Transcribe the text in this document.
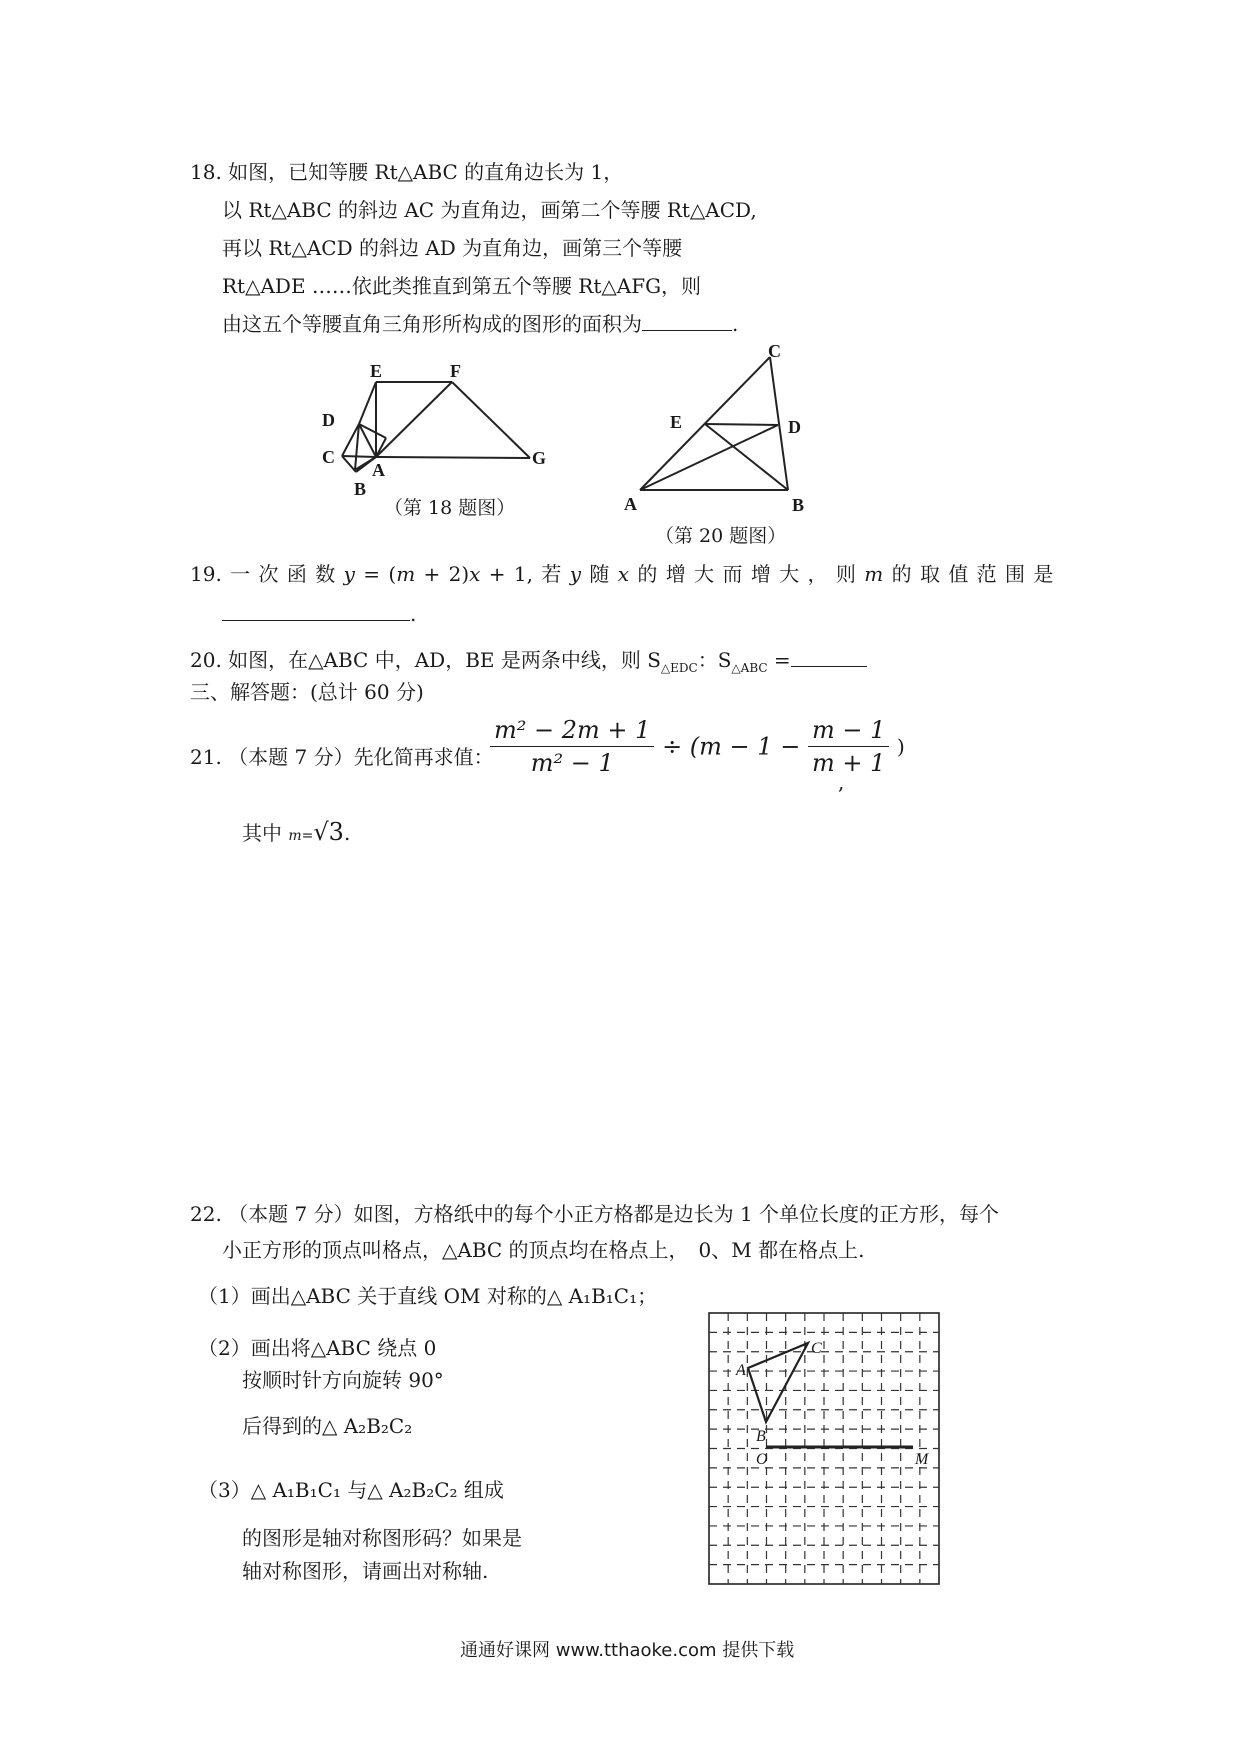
18. 如图，已知等腰 Rt△ABC 的直角边长为 1，
以 Rt△ABC 的斜边 AC 为直角边，画第二个等腰 Rt△ACD,
再以 Rt△ACD 的斜边 AD 为直角边，画第三个等腰
Rt△ADE ……依此类推直到第五个等腰 Rt△AFG，则
由这五个等腰直角三角形所构成的图形的面积为	.
E	F
D
C
A
G
B
（第 18 题图）
C
E	D
A	B
（第 20 题图）
19. 一 次 函 数 y = (m + 2)x + 1, 若 y 随 x 的 增 大 而 增 大 ， 则 m 的 取 值 范 围 是
.
20. 如图，在△ABC 中，AD，BE 是两条中线，则 $S_{\triangle EDC}$：$S_{\triangle ABC}$ =
三、解答题：(总计 60 分)
21. （本题 7 分）先化简再求值：
$\frac{\text{m² − 2m + 1}}{\text{m² − 1}} \div (m - 1 - \frac{m - 1}{m + 1}$ )
,
其中 m=√3.
22. （本题 7 分）如图，方格纸中的每个小正方格都是边长为 1 个单位长度的正方形，每个
小正方形的顶点叫格点，△ABC 的顶点均在格点上，　0、M 都在格点上.
（1）画出△ABC 关于直线 OM 对称的△ A₁B₁C₁；
（2）画出将△ABC 绕点 0
按顺时针方向旋转 90°
后得到的△ A₂B₂C₂
（3）△ A₁B₁C₁ 与△ A₂B₂C₂ 组成
的图形是轴对称图形码？如果是
轴对称图形，请画出对称轴.
A
C
B
O	M
通通好课网 www.tthaoke.com 提供下载
